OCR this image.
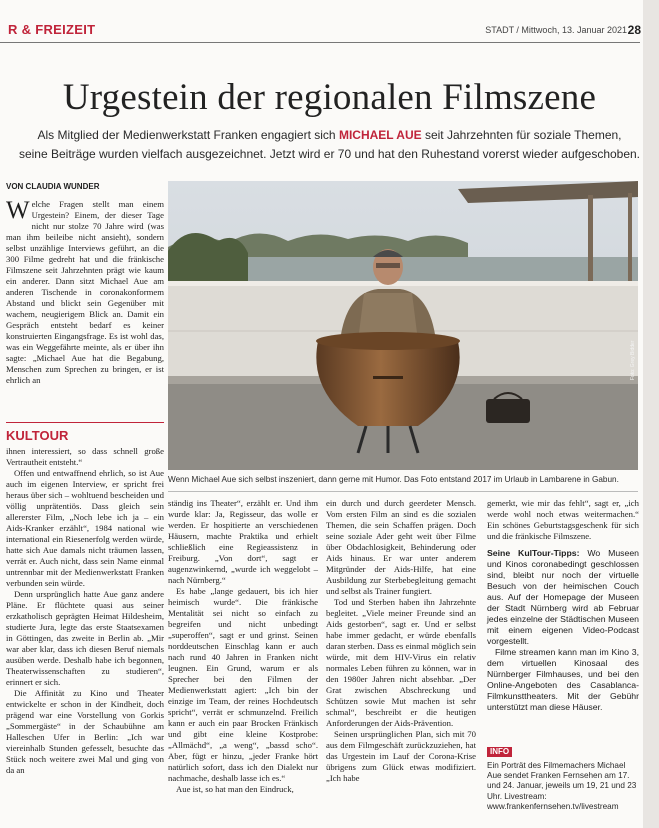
R & FREIZEIT	STADT / Mittwoch, 13. Januar 2021 28
Urgestein der regionalen Filmszene
Als Mitglied der Medienwerkstatt Franken engagiert sich MICHAEL AUE seit Jahrzehnten für soziale Themen,
seine Beiträge wurden vielfach ausgezeichnet. Jetzt wird er 70 und hat den Ruhestand vorerst wieder aufgeschoben.
VON CLAUDIA WUNDER

Welche Fragen stellt man einem Urgestein? Einem, der dieser Tage nicht nur stolze 70 Jahre wird (was man ihm beileibe nicht ansieht), sondern selbst unzählige Interviews geführt, an die 300 Filme gedreht hat und die fränkische Filmszene seit Jahrzehnten prägt wie kaum ein anderer. Dann sitzt Michael Aue am anderen Tischende in coronakonformem Abstand und blickt sein Gegenüber mit wachem, neugierigem Blick an. Damit ein Gespräch entsteht bedarf es keiner konstruierten Eingangsfrage. Es ist wohl das, was ein Weggefährte meinte, als er über ihn sagte: „Michael Aue hat die Begabung, Menschen zum Sprechen zu bringen, er ist ehrlich an

KULTOUR

ihnen interessiert, so dass schnell große Vertrautheit entsteht.“

Offen und entwaffnend ehrlich, so ist Aue auch im eigenen Interview, er spricht frei heraus über sich – wohltuend bescheiden und völlig unprätentiös. Dass gleich sein allererster Film, „Noch lebe ich ja – ein Aids-Kranker erzählt“, 1984 national wie international ein Riesenerfolg werden würde, hatte sich Aue damals nicht träumen lassen, verrät er. Auch nicht, dass sein Name einmal untrennbar mit der Medienwerkstatt Franken verbunden sein würde.

Denn ursprünglich hatte Aue ganz andere Pläne. Er flüchtete quasi aus seiner erzkatholisch geprägten Heimat Hildesheim, studierte Jura, legte das erste Staatsexamen in Göttingen, das zweite in Berlin ab. „Mir war aber klar, dass ich diesen Beruf niemals ausüben werde. Deshalb habe ich begonnen, Theaterwissenschaften zu studieren“, erinnert er sich.

Die Affinität zu Kino und Theater entwickelte er schon in der Kindheit, doch prägend war eine Vorstellung von Gorkis „Sommergäste“ in der Schaubühne am Halleschen Ufer in Berlin: „Ich war viereinhalb Stunden gefesselt, besuchte das Stück noch weitere zwei Mal und ging von da an

Foto: Grey Bidder
Wenn Michael Aue sich selbst inszeniert, dann gerne mit Humor. Das Foto entstand 2017 im Urlaub in Lambarene in Gabun.

ständig ins Theater“, erzählt er. Und ihm wurde klar: Ja, Regisseur, das wolle er werden. Er hospitierte an verschiedenen Häusern, machte Praktika und erhielt schließlich eine Regieassistenz in Freiburg. „Von dort“, sagt er augenzwinkernd, „wurde ich weggelobt – nach Nürnberg.“

Es habe „lange gedauert, bis ich hier heimisch wurde“. Die fränkische Mentalität sei nicht so einfach zu begreifen und nicht unbedingt „superoffen“, sagt er und grinst. Seinen norddeutschen Einschlag kann er auch nach rund 40 Jahren in Franken nicht leugnen. Ein Grund, warum er als Sprecher bei den Filmen der Medienwerkstatt agiert: „Ich bin der einzige im Team, der reines Hochdeutsch spricht“, verrät er schmunzelnd. Freilich kann er auch ein paar Brocken Fränkisch und gibt eine kleine Kostprobe: „Allmächd“, „a weng“, „bassd scho“. Aber, fügt er hinzu, „jeder Franke hört natürlich sofort, dass ich den Dialekt nur nachmache, deshalb lasse ich es.“

Aue ist, so hat man den Eindruck,

ein durch und durch geerdeter Mensch. Vom ersten Film an sind es die sozialen Themen, die sein Schaffen prägen. Doch seine soziale Ader geht weit über Filme über Obdachlosigkeit, Behinderung oder Aids hinaus. Er war unter anderem Mitgründer der Aids-Hilfe, hat eine Ausbildung zur Sterbebegleitung gemacht und selbst als Trainer fungiert.

Tod und Sterben haben ihn Jahrzehnte begleitet. „Viele meiner Freunde sind an Aids gestorben“, sagt er. Und er selbst habe immer gedacht, er würde ebenfalls daran sterben. Dass es einmal möglich sein würde, mit dem HIV-Virus ein relativ normales Leben führen zu können, war in den 1980er Jahren nicht absehbar. „Der Grat zwischen Abschreckung und Schützen sowie Mut machen ist sehr schmal“, beschreibt er die heutigen Anforderungen der Aids-Prävention.

Seinen ursprünglichen Plan, sich mit 70 aus dem Filmgeschäft zurückzuziehen, hat das Urgestein im Lauf der Corona-Krise übrigens zum Glück etwas modifiziert. „Ich habe

gemerkt, wie mir das fehlt“, sagt er, „ich werde wohl noch etwas weitermachen.“ Ein schönes Geburtstagsgeschenk für sich und die fränkische Filmszene.

Seine KulTour-Tipps: Wo Museen und Kinos coronabedingt geschlossen sind, bleibt nur noch der virtuelle Besuch von der heimischen Couch aus. Auf der Homepage der Museen der Stadt Nürnberg wird ab Februar jedes einzelne der Städtischen Museen mit einem eigenen Video-Podcast vorgestellt.

Filme streamen kann man im Kino 3, dem virtuellen Kinosaal des Nürnberger Filmhauses, und bei den Online-Angeboten des Casablanca-Filmkunsttheaters. Mit der Gebühr unterstützt man diese Häuser.

INFO
Ein Porträt des Filmemachers Michael Aue sendet Franken Fernsehen am 17. und 24. Januar, jeweils um 19, 21 und 23 Uhr. Livestream: www.frankenfernsehen.tv/livestream
